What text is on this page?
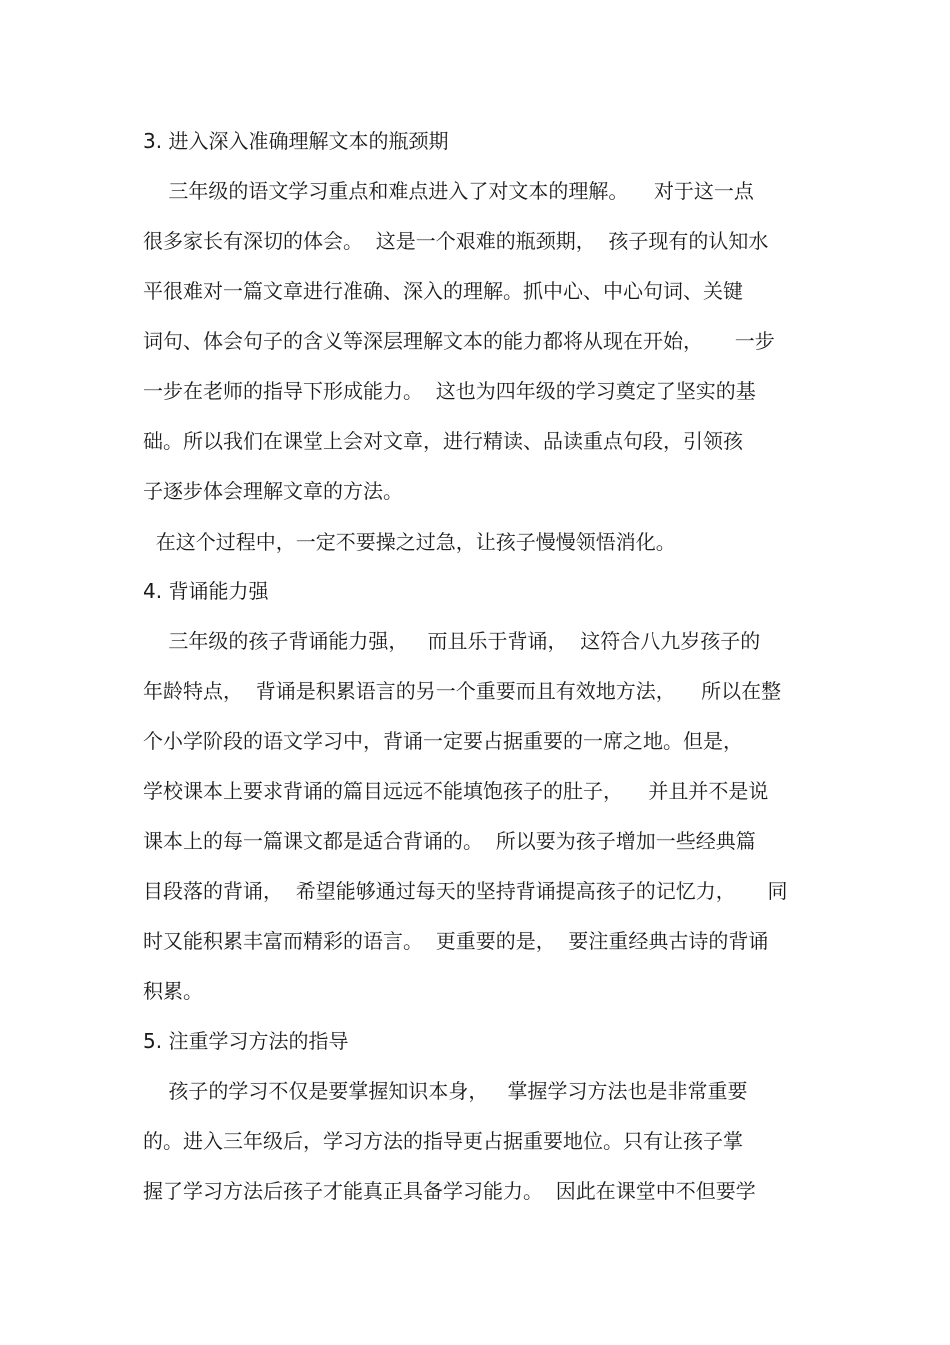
3. 进入深入准确理解文本的瓶颈期

三年级的语文学习重点和难点进入了对文本的理解。    对于这一点

很多家长有深切的体会。  这是一个艰难的瓶颈期，  孩子现有的认知水

平很难对一篇文章进行准确、深入的理解。抓中心、中心句词、关键

词句、体会句子的含义等深层理解文本的能力都将从现在开始，     一步

一步在老师的指导下形成能力。  这也为四年级的学习奠定了坚实的基

础。所以我们在课堂上会对文章，进行精读、品读重点句段，引领孩

子逐步体会理解文章的方法。

在这个过程中，一定不要操之过急，让孩子慢慢领悟消化。

4. 背诵能力强

三年级的孩子背诵能力强，   而且乐于背诵，  这符合八九岁孩子的

年龄特点，  背诵是积累语言的另一个重要而且有效地方法，    所以在整

个小学阶段的语文学习中，背诵一定要占据重要的一席之地。但是，

学校课本上要求背诵的篇目远远不能填饱孩子的肚子，    并且并不是说

课本上的每一篇课文都是适合背诵的。  所以要为孩子增加一些经典篇

目段落的背诵，  希望能够通过每天的坚持背诵提高孩子的记忆力，     同

时又能积累丰富而精彩的语言。  更重要的是，  要注重经典古诗的背诵

积累。

5. 注重学习方法的指导

孩子的学习不仅是要掌握知识本身，   掌握学习方法也是非常重要

的。进入三年级后，学习方法的指导更占据重要地位。只有让孩子掌

握了学习方法后孩子才能真正具备学习能力。  因此在课堂中不但要学
